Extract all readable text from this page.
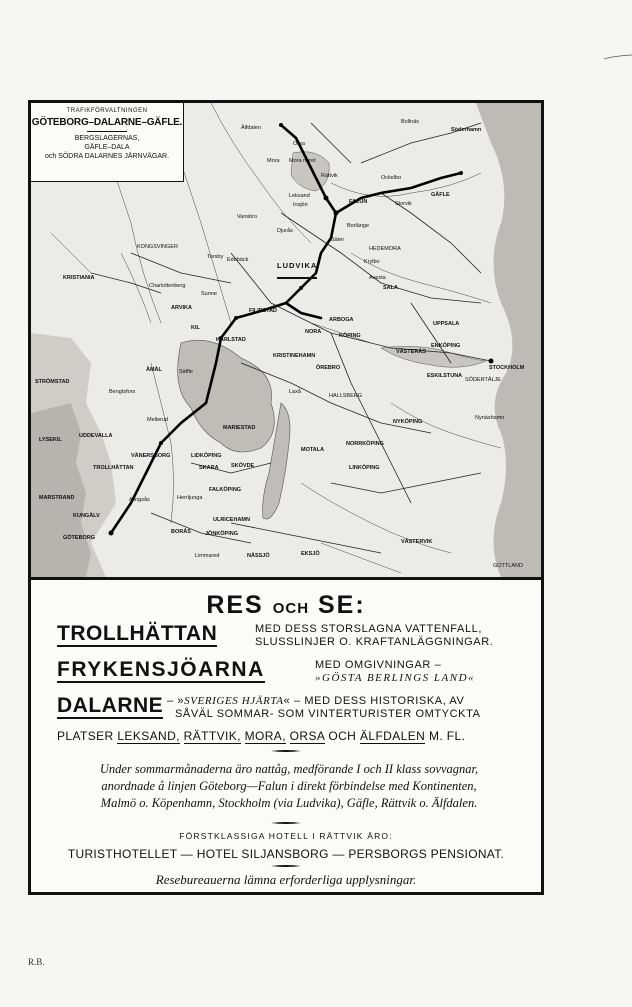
TRAFIKFÖRVALTNINGEN
GÖTEBORG–DALARNE–GÄFLE.
BERGSLAGERNAS,
GÄFLE–DALA
och SÖDRA DALARNES JÄRNVÄGAR.
Älfdalen
Bollnäs
Söderhamn
Orsa
Mora Mora noret
Rättvik	Ockelbo
Leksand
Insjön	FALUN
GÄFLE
Storvik
Vansbro
Borlänge
Djurås
Säter
HEDEMORA
Krylbo
Avesta
SALA
LUDVIKA
KONGSVINGER
Torsby Edebäck
Sunne
FILIPSTAD
KRISTIANIA
Charlottenberg
ARVIKA
KIL
KARLSTAD
KRISTINEHAMN
ÖREBRO
ÅMÅL	Säffle
Bengtsfors
Mellerud
VÄNERSBORG
TROLLHÄTTAN
MARIESTAD
LIDKÖPING
SKARA SKÖVDE
FALKÖPING
BORÅS	JÖNKÖPING
GÖTEBORG
STOCKHOLM
UPPSALA
VÄSTERÅS
ENKÖPING
ESKILSTUNA
NYKÖPING
NORRKÖPING
LINKÖPING
MOTALA
NÄSSJÖ	EKSJÖ
VÄSTERVIK
GOTTLAND
MARSTRAND
UDDEVALLA
LYSEKIL
STRÖMSTAD
KUNGÄLV
NORA
KÖPING
ARBOGA
HALLSBERG
Laxå
Nynäshamn
SÖDERTÄLJE
Alingsås	Herrljunga
ULRICEHAMN
Limmared
RES OCH SE:
TROLLHÄTTAN	MED DESS STORSLAGNA VATTENFALL,
SLUSSLINJER O. KRAFTANLÄGGNINGAR.
FRYKENSJÖARNA	MED OMGIVNINGAR –
»GÖSTA BERLINGS LAND«
DALARNE – »SVERIGES HJÄRTA« – MED DESS HISTORISKA, AV
SÅVÄL SOMMAR- SOM VINTERTURISTER OMTYCKTA
PLATSER LEKSAND, RÄTTVIK, MORA, ORSA OCH ÄLFDALEN M. FL.
Under sommarmånaderna äro nattåg, medförande I och II klass sovvagnar,
anordnade å linjen Göteborg—Falun i direkt förbindelse med Kontinenten,
Malmö o. Köpenhamn, Stockholm (via Ludvika), Gäfle, Rättvik o. Älfdalen.
FÖRSTKLASSIGA HOTELL I RÄTTVIK ÄRO:
TURISTHOTELLET — HOTEL SILJANSBORG — PERSBORGS PENSIONAT.
Resebureauerna lämna erforderliga upplysningar.
R.B.
